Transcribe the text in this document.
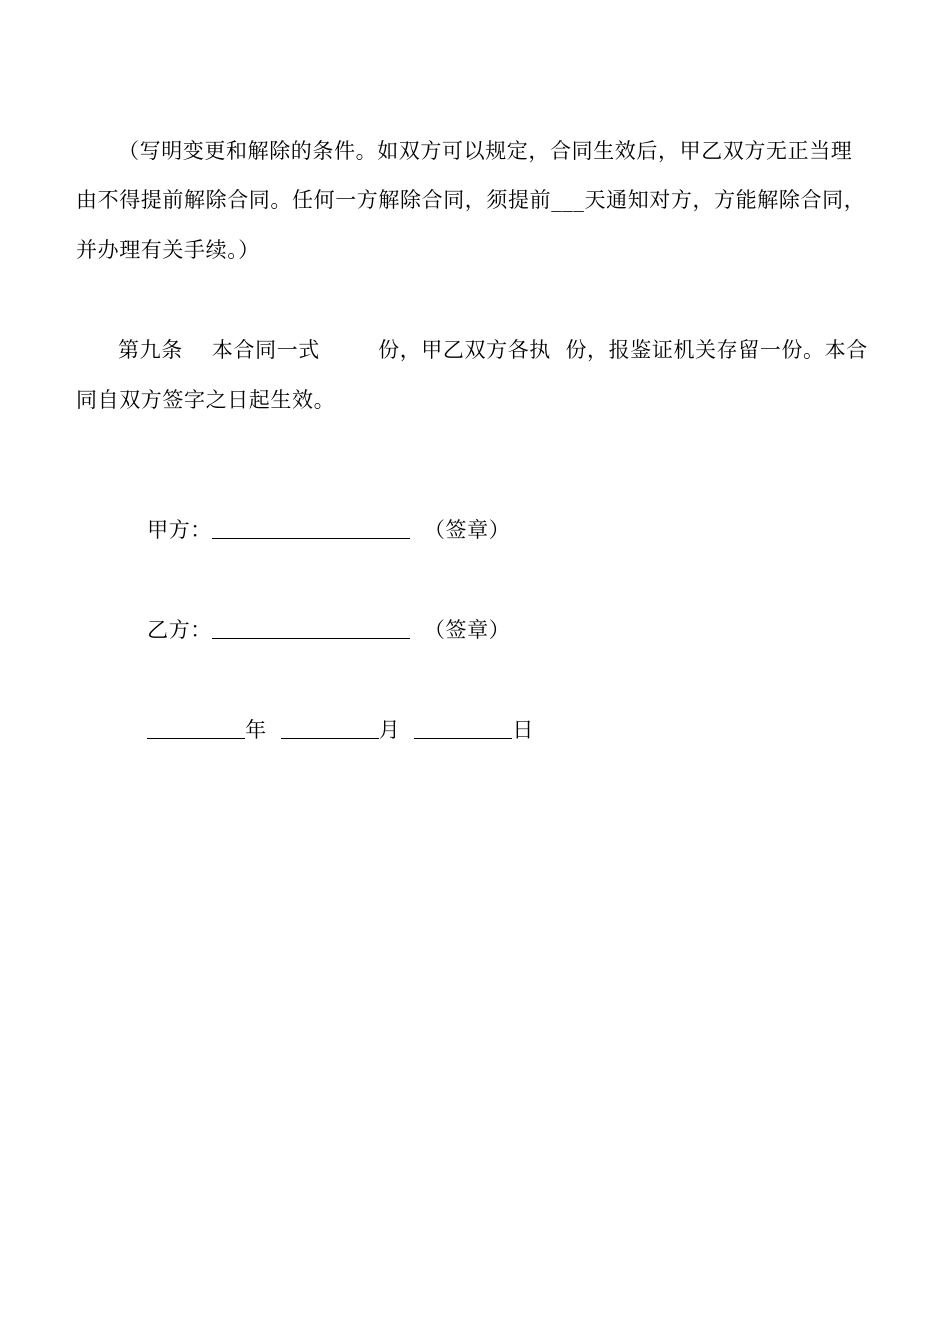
（写明变更和解除的条件。如双方可以规定，合同生效后，甲乙双方无正当理
由不得提前解除合同。任何一方解除合同，须提前___天通知对方，方能解除合同，
并办理有关手续。）
第九条    本合同一式        份，甲乙双方各执  份，报鉴证机关存留一份。本合
同自双方签字之日起生效。

甲方：	（签章）

乙方：	（签章）

年	月	日
